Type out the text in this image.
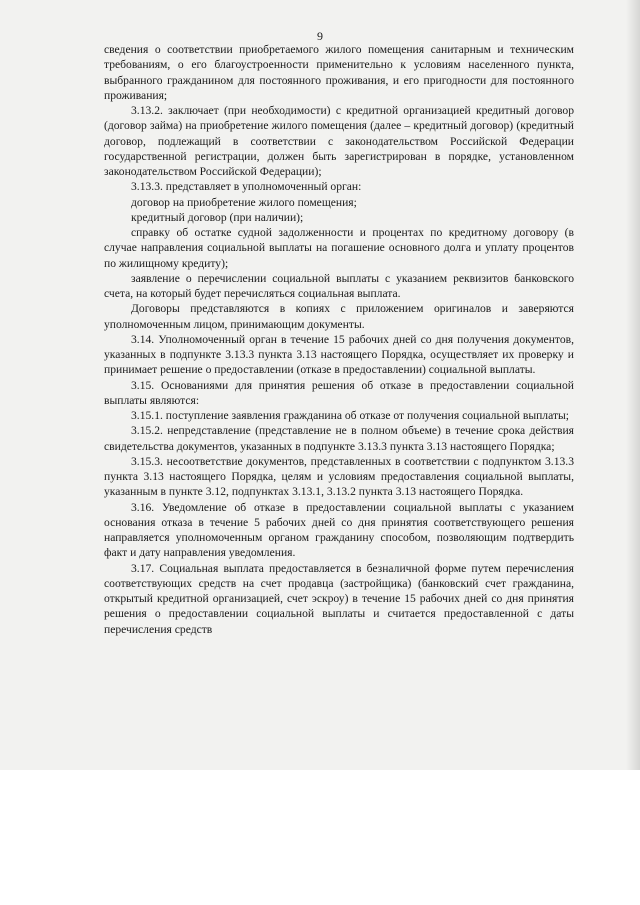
9

сведения о соответствии приобретаемого жилого помещения санитарным и техническим требованиям, о его благоустроенности применительно к условиям населенного пункта, выбранного гражданином для постоянного проживания, и его пригодности для постоянного проживания;

3.13.2. заключает (при необходимости) с кредитной организацией кредитный договор (договор займа) на приобретение жилого помещения (далее – кредитный договор) (кредитный договор, подлежащий в соответствии с законодательством Российской Федерации государственной регистрации, должен быть зарегистрирован в порядке, установленном законодательством Российской Федерации);

3.13.3. представляет в уполномоченный орган:

договор на приобретение жилого помещения;

кредитный договор (при наличии);

справку об остатке судной задолженности и процентах по кредитному договору (в случае направления социальной выплаты на погашение основного долга и уплату процентов по жилищному кредиту);

заявление о перечислении социальной выплаты с указанием реквизитов банковского счета, на который будет перечисляться социальная выплата.

Договоры представляются в копиях с приложением оригиналов и заверяются уполномоченным лицом, принимающим документы.

3.14. Уполномоченный орган в течение 15 рабочих дней со дня получения документов, указанных в подпункте 3.13.3 пункта 3.13 настоящего Порядка, осуществляет их проверку и принимает решение о предоставлении (отказе в предоставлении) социальной выплаты.

3.15. Основаниями для принятия решения об отказе в предоставлении социальной выплаты являются:

3.15.1. поступление заявления гражданина об отказе от получения социальной выплаты;

3.15.2. непредставление (представление не в полном объеме) в течение срока действия свидетельства документов, указанных в подпункте 3.13.3 пункта 3.13 настоящего Порядка;

3.15.3. несоответствие документов, представленных в соответствии с подпунктом 3.13.3 пункта 3.13 настоящего Порядка, целям и условиям предоставления социальной выплаты, указанным в пункте 3.12, подпунктах 3.13.1, 3.13.2 пункта 3.13 настоящего Порядка.

3.16. Уведомление об отказе в предоставлении социальной выплаты с указанием основания отказа в течение 5 рабочих дней со дня принятия соответствующего решения направляется уполномоченным органом гражданину способом, позволяющим подтвердить факт и дату направления уведомления.

3.17. Социальная выплата предоставляется в безналичной форме путем перечисления соответствующих средств на счет продавца (застройщика) (банковский счет гражданина, открытый кредитной организацией, счет эскроу) в течение 15 рабочих дней со дня принятия решения о предоставлении социальной выплаты и считается предоставленной с даты перечисления средств
